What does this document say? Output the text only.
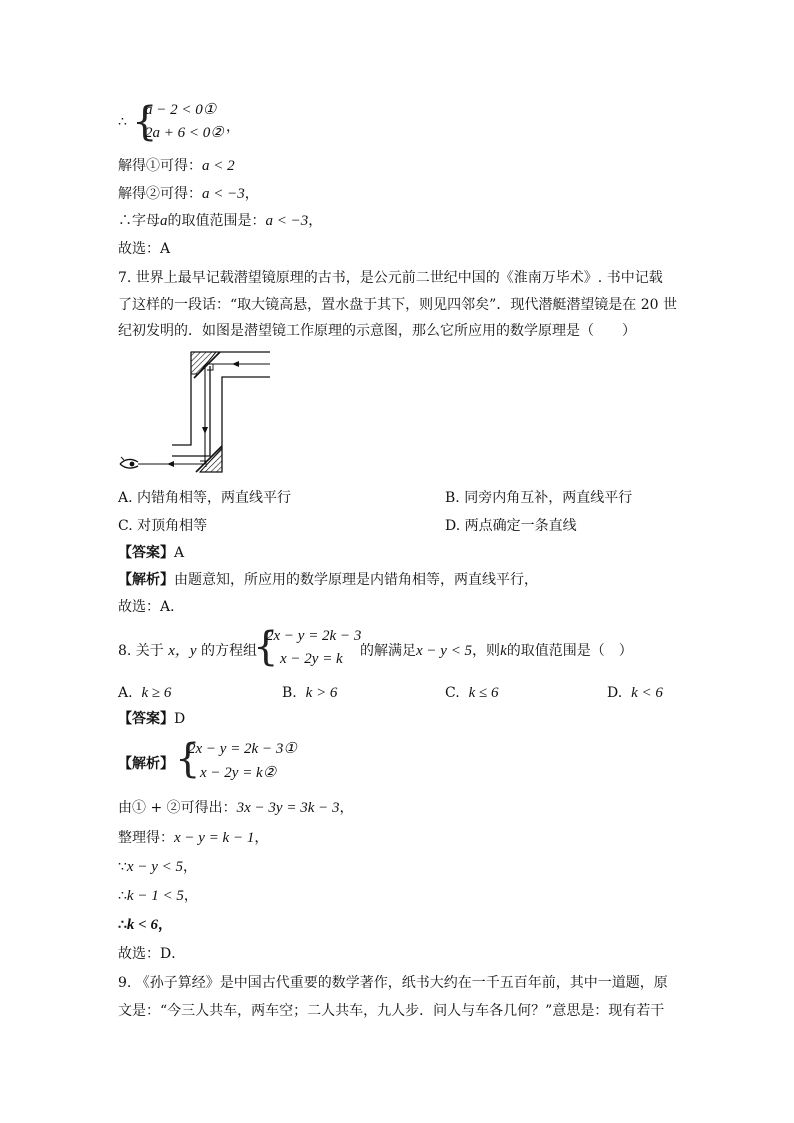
∴ {
a − 2 < 0①
2a + 6 < 0② ，
解得①可得：a < 2
解得②可得：a < −3，
∴字母a的取值范围是：a < −3，
故选：A
7. 世界上最早记载潜望镜原理的古书，是公元前二世纪中国的《淮南万毕术》. 书中记载
了这样的一段话：“取大镜高悬，置水盘于其下，则见四邻矣”．现代潜艇潜望镜是在 20 世
纪初发明的．如图是潜望镜工作原理的示意图，那么它所应用的数学原理是（　　）
A. 内错角相等，两直线平行	B. 同旁内角互补，两直线平行
C. 对顶角相等	D. 两点确定一条直线
【答案】A
【解析】由题意知，所应用的数学原理是内错角相等，两直线平行，
故选：A．
8. 关于 x，y 的方程组
{
2x − y = 2k − 3
x − 2y = k 的解满足x − y < 5，则k的取值范围是（　）
A. k ≥ 6	B. k > 6	C. k ≤ 6	D. k < 6
【答案】D
【解析】 {
2x − y = 2k − 3①
x − 2y = k②
由① + ②可得出：3x − 3y = 3k − 3，
整理得：x − y = k − 1，
∵x − y < 5，
∴k − 1 < 5，
∴k < 6，
故选：D．
9. 《孙子算经》是中国古代重要的数学著作，纸书大约在一千五百年前，其中一道题，原
文是：“今三人共车，两车空；二人共车，九人步．问人与车各几何？”意思是：现有若干
